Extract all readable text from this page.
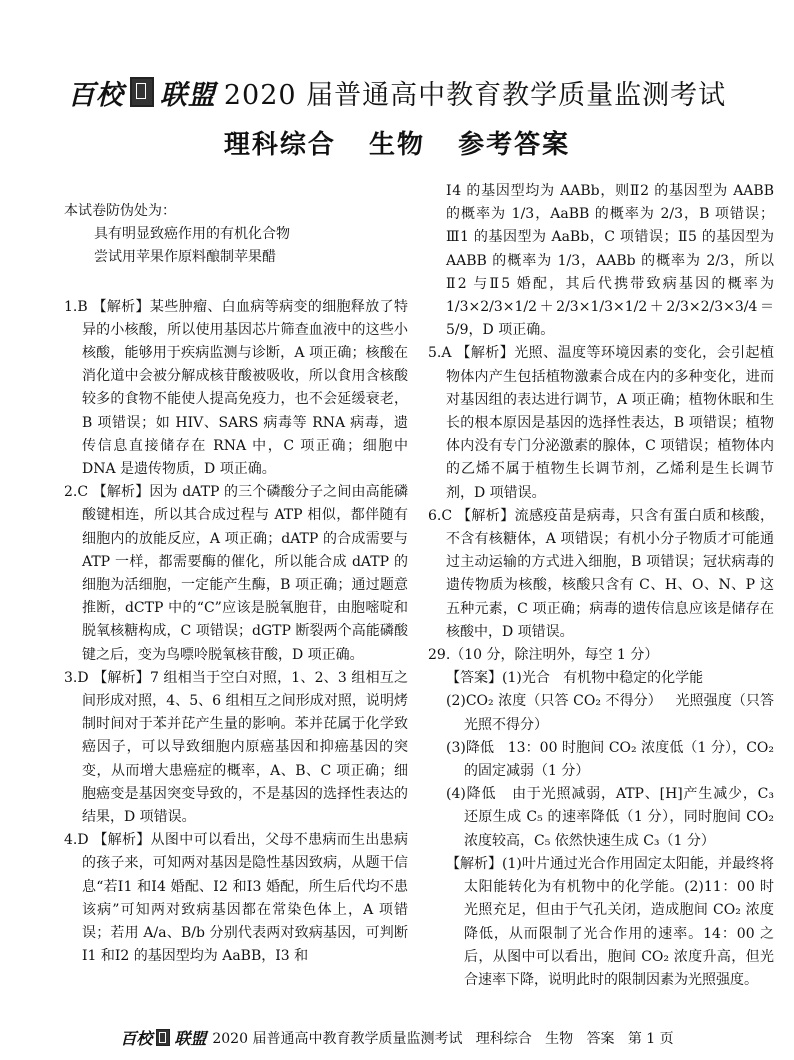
百校 联盟 2020 届普通高中教育教学质量监测考试
理科综合   生物   参考答案
本试卷防伪处为：
具有明显致癌作用的有机化合物
尝试用苹果作原料酿制苹果醋
1.B 【解析】某些肿瘤、白血病等病变的细胞释放了特异的小核酸，所以使用基因芯片筛查血液中的这些小核酸，能够用于疾病监测与诊断，A 项正确；核酸在消化道中会被分解成核苷酸被吸收，所以食用含核酸较多的食物不能使人提高免疫力，也不会延缓衰老，B 项错误；如 HIV、SARS 病毒等 RNA 病毒，遗传信息直接储存在 RNA 中，C 项正确；细胞中 DNA 是遗传物质，D 项正确。
2.C 【解析】因为 dATP 的三个磷酸分子之间由高能磷酸键相连，所以其合成过程与 ATP 相似，都伴随有细胞内的放能反应，A 项正确；dATP 的合成需要与 ATP 一样，都需要酶的催化，所以能合成 dATP 的细胞为活细胞，一定能产生酶，B 项正确；通过题意推断，dCTP 中的“C”应该是脱氧胞苷，由胞嘧啶和脱氧核糖构成，C 项错误；dGTP 断裂两个高能磷酸键之后，变为鸟嘌呤脱氧核苷酸，D 项正确。
3.D 【解析】7 组相当于空白对照，1、2、3 组相互之间形成对照，4、5、6 组相互之间形成对照，说明烤制时间对于苯并芘产生量的影响。苯并芘属于化学致癌因子，可以导致细胞内原癌基因和抑癌基因的突变，从而增大患癌症的概率，A、B、C 项正确；细胞癌变是基因突变导致的，不是基因的选择性表达的结果，D 项错误。
4.D 【解析】从图中可以看出，父母不患病而生出患病的孩子来，可知两对基因是隐性基因致病，从题干信息“若Ⅰ1 和Ⅰ4 婚配、Ⅰ2 和Ⅰ3 婚配，所生后代均不患该病”可知两对致病基因都在常染色体上，A 项错误；若用 A/a、B/b 分别代表两对致病基因，可判断Ⅰ1 和Ⅰ2 的基因型均为 AaBB，Ⅰ3 和
Ⅰ4 的基因型均为 AABb，则Ⅱ2 的基因型为 AABB 的概率为 1/3，AaBB 的概率为 2/3，B 项错误；Ⅲ1 的基因型为 AaBb，C 项错误；Ⅱ5 的基因型为 AABB 的概率为 1/3，AABb 的概率为 2/3，所以Ⅱ2 与Ⅱ5 婚配，其后代携带致病基因的概率为 1/3×2/3×1/2＋2/3×1/3×1/2＋2/3×2/3×3/4＝5/9，D 项正确。
5.A 【解析】光照、温度等环境因素的变化，会引起植物体内产生包括植物激素合成在内的多种变化，进而对基因组的表达进行调节，A 项正确；植物休眠和生长的根本原因是基因的选择性表达，B 项错误；植物体内没有专门分泌激素的腺体，C 项错误；植物体内的乙烯不属于植物生长调节剂，乙烯利是生长调节剂，D 项错误。
6.C 【解析】流感疫苗是病毒，只含有蛋白质和核酸，不含有核糖体，A 项错误；有机小分子物质才可能通过主动运输的方式进入细胞，B 项错误；冠状病毒的遗传物质为核酸，核酸只含有 C、H、O、N、P 这五种元素，C 项正确；病毒的遗传信息应该是储存在核酸中，D 项错误。
29.（10 分，除注明外，每空 1 分）
【答案】(1)光合   有机物中稳定的化学能
(2)CO₂ 浓度（只答 CO₂ 不得分）   光照强度（只答光照不得分）
(3)降低   13：00 时胞间 CO₂ 浓度低（1 分），CO₂ 的固定减弱（1 分）
(4)降低   由于光照减弱，ATP、[H]产生减少，C₃ 还原生成 C₅ 的速率降低（1 分），同时胞间 CO₂ 浓度较高，C₅ 依然快速生成 C₃（1 分）
【解析】(1)叶片通过光合作用固定太阳能，并最终将太阳能转化为有机物中的化学能。(2)11：00 时光照充足，但由于气孔关闭，造成胞间 CO₂ 浓度降低，从而限制了光合作用的速率。14：00 之后，从图中可以看出，胞间 CO₂ 浓度升高，但光合速率下降，说明此时的限制因素为光照强度。
百校 联盟 2020 届普通高中教育教学质量监测考试   理科综合   生物   答案   第 1 页
